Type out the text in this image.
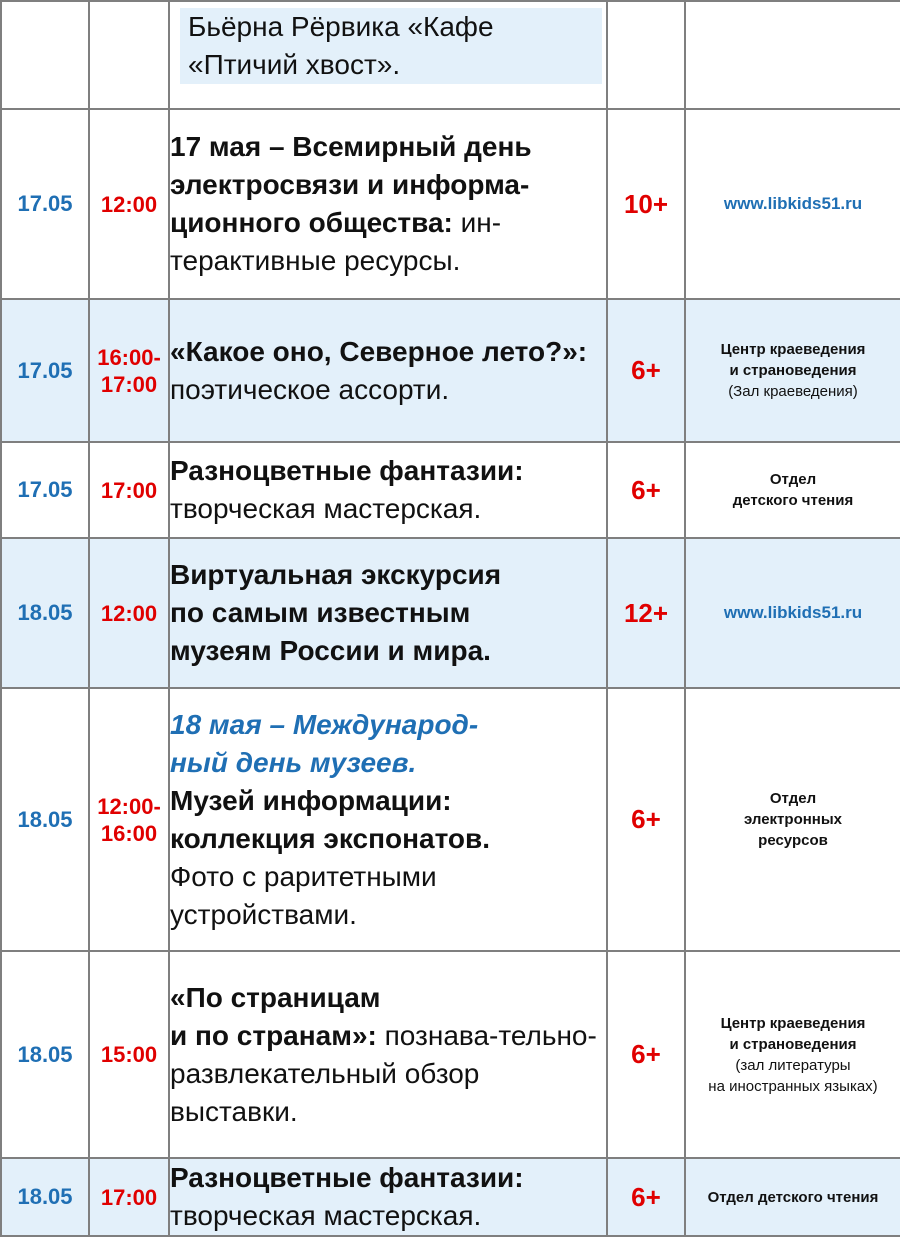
		Бьёрна Рёрвика «Кафе
«Птичий хвост».		

17.05	12:00	17 мая – Всемирный день электросвязи и информа-ционного общества: ин-терактивные ресурсы.	10+	www.libkids51.ru
17.05	16:00-
17:00	«Какое оно, Северное лето?»: поэтическое ассорти.	6+	Центр краеведения
и страноведения
(Зал краеведения)

17.05	17:00	Разноцветные фантазии:
творческая мастерская.	6+	Отдел
детского чтения

18.05	12:00	Виртуальная экскурсия
по самым известным
музеям России и мира.	12+	www.libkids51.ru
18.05	12:00-
16:00	18 мая – Международ-
ный день музеев.
Музей информации:
коллекция экспонатов.
Фото с раритетными устройствами.	6+	Отдел
электронных
ресурсов

18.05	15:00	«По страницам
и по странам»: познава-тельно-развлекательный обзор выставки.	6+	Центр краеведения
и страноведения
(зал литературы
на иностранных языках)

18.05	17:00	Разноцветные фантазии:
творческая мастерская.	6+	Отдел детского чтения
